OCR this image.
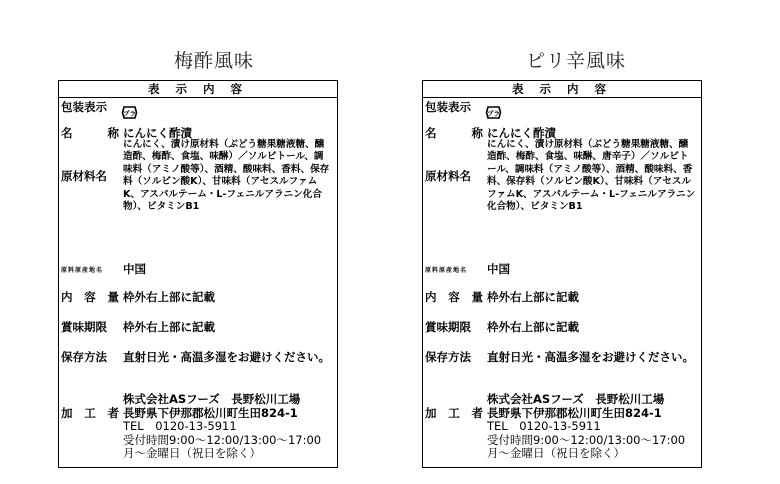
梅酢風味
表 示 内 容
包装表示 プラ
名	称 にんにく酢漬
原材料名
にんにく、漬け原材料（ぶどう糖果糖液糖、醸造酢、梅酢、食塩、味醂）／ソルビトール、調味料（アミノ酸等）、酒精、酸味料、香料、保存料（ソルビン酸K）、甘味料（アセスルファムK、アスパルテーム・L-フェニルアラニン化合物）、ビタミンB1
原料原産地名 中国
内 容 量 枠外右上部に記載
賞味期限 枠外右上部に記載
保存方法 直射日光・高温多湿をお避けください。
加 工 者
株式会社ASフーズ　長野松川工場
長野県下伊那郡松川町生田824-1
TEL　0120-13-5911
受付時間9:00～12:00/13:00～17:00
月～金曜日（祝日を除く）
ピリ辛風味
表 示 内 容
包装表示 プラ
名	称 にんにく酢漬
原材料名
にんにく、漬け原材料（ぶどう糖果糖液糖、醸造酢、梅酢、食塩、味醂、唐辛子）／ソルビトール、調味料（アミノ酸等）、酒精、酸味料、香料、保存料（ソルビン酸K）、甘味料（アセスルファムK、アスパルテーム・L-フェニルアラニン化合物）、ビタミンB1
原料原産地名 中国
内 容 量 枠外右上部に記載
賞味期限 枠外右上部に記載
保存方法 直射日光・高温多湿をお避けください。
加 工 者
株式会社ASフーズ　長野松川工場
長野県下伊那郡松川町生田824-1
TEL　0120-13-5911
受付時間9:00～12:00/13:00～17:00
月～金曜日（祝日を除く）
